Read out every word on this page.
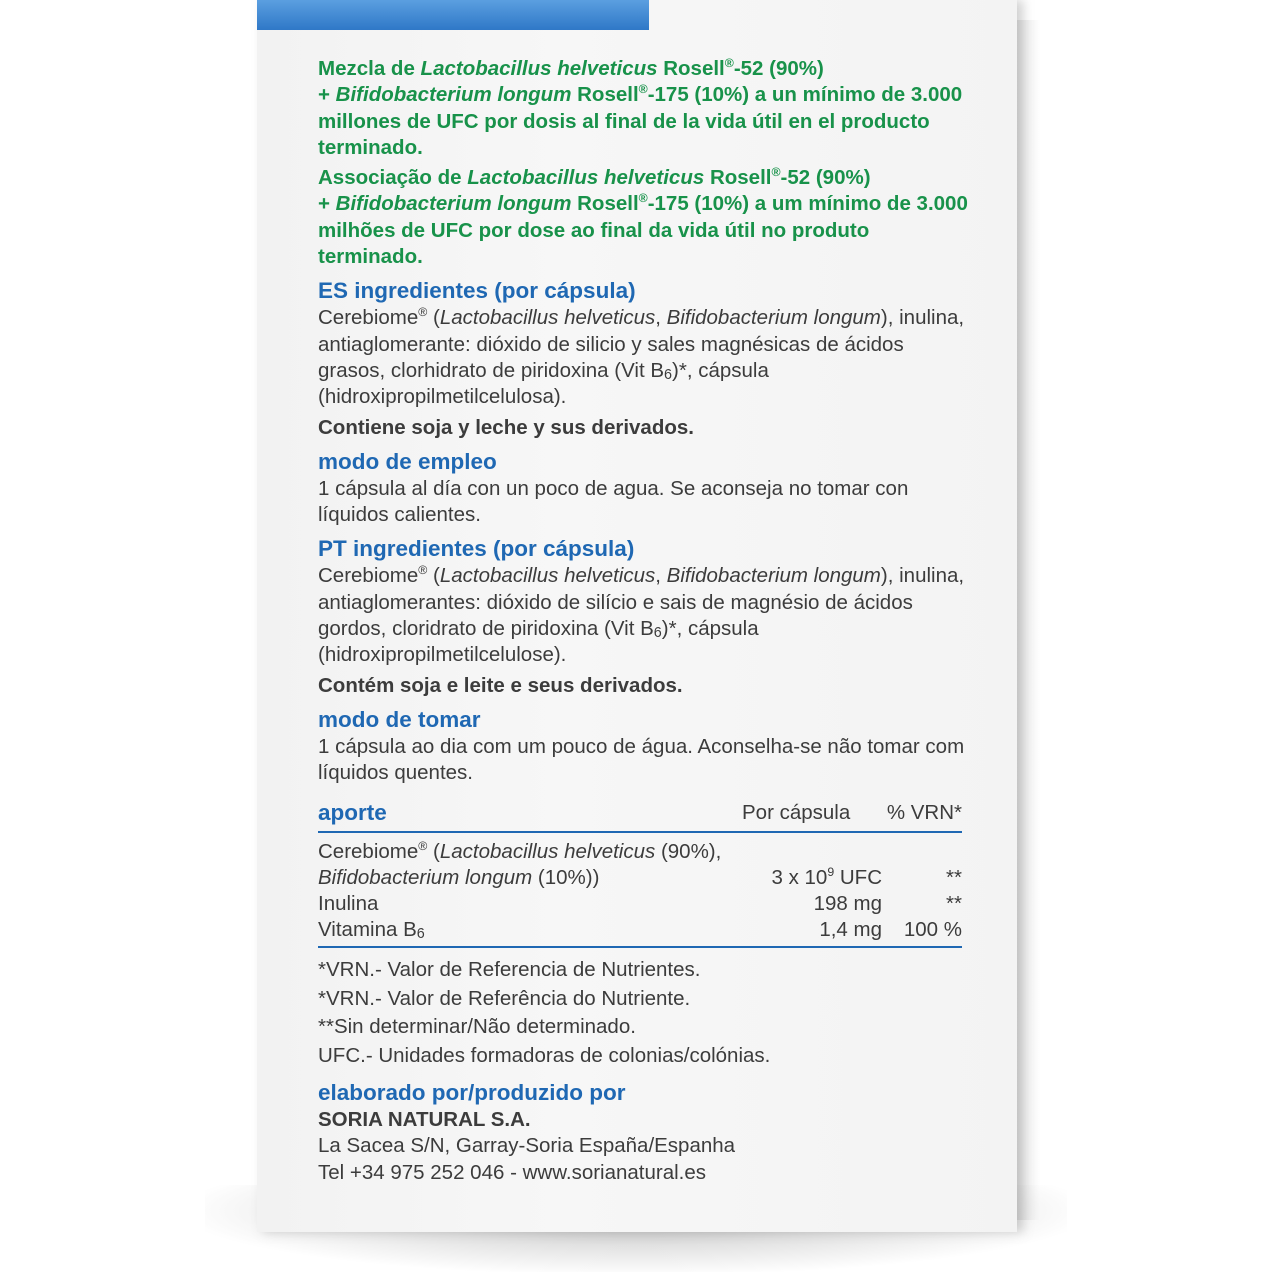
Mezcla de Lactobacillus helveticus Rosell®-52 (90%)
+ Bifidobacterium longum Rosell®-175 (10%) a un mínimo de 3.000 millones de UFC por dosis al final de la vida útil en el producto terminado.

Associação de Lactobacillus helveticus Rosell®-52 (90%)
+ Bifidobacterium longum Rosell®-175 (10%) a um mínimo de 3.000 milhões de UFC por dose ao final da vida útil no produto terminado.

ES ingredientes (por cápsula)

Cerebiome® (Lactobacillus helveticus, Bifidobacterium longum), inulina, antiaglomerante: dióxido de silicio y sales magnésicas de ácidos grasos, clorhidrato de piridoxina (Vit $B_6)*$, cápsula (hidroxipropilmetilcelulosa).

Contiene soja y leche y sus derivados.
modo de empleo

1 cápsula al día con un poco de agua. Se aconseja no tomar con líquidos calientes.

PT ingredientes (por cápsula)

Cerebiome® (Lactobacillus helveticus, Bifidobacterium longum), inulina, antiaglomerantes: dióxido de silício e sais de magnésio de ácidos gordos, cloridrato de piridoxina (Vit $B_6)*$, cápsula (hidroxipropilmetilcelulose).

Contém soja e leite e seus derivados.
modo de tomar

1 cápsula ao dia com um pouco de água. Aconselha-se não tomar com líquidos quentes.

aporte	Por cápsula	% VRN*
Cerebiome® (Lactobacillus helveticus (90%),
Bifidobacterium longum (10%))	3 x $10^9$ UFC	**
Inulina	198 mg	**
Vitamina $B_6$	1,4 mg	100 %

*VRN.- Valor de Referencia de Nutrientes.

*VRN.- Valor de Referência do Nutriente.

**Sin determinar/Não determinado.

UFC.- Unidades formadoras de colonias/colónias.

elaborado por/produzido por
SORIA NATURAL S.A.
La Sacea S/N, Garray-Soria España/Espanha
Tel +34 975 252 046 - www.sorianatural.es
